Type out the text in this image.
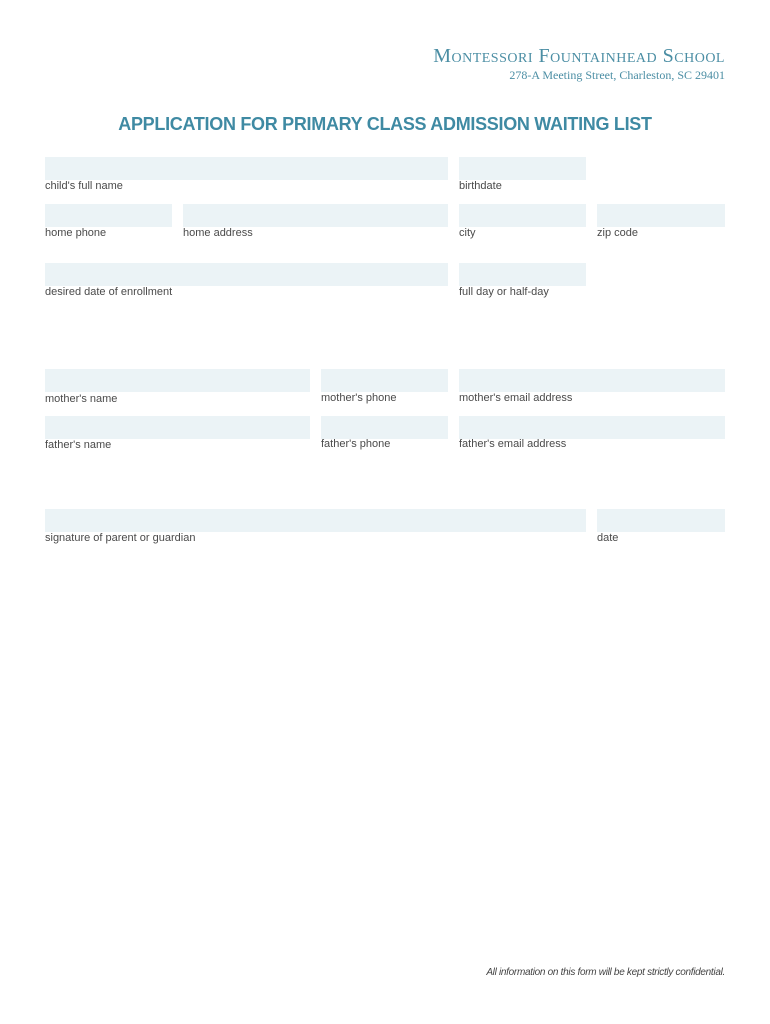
Montessori Fountainhead School
278-A Meeting Street, Charleston, SC 29401
APPLICATION FOR PRIMARY CLASS ADMISSION WAITING LIST
child's full name	birthdate
home phone	home address	city	zip code
desired date of enrollment	full day or half-day
mother's name	mother's phone	mother's email address
father's name	father's phone	father's email address
signature of parent or guardian	date
All information on this form will be kept strictly confidential.
